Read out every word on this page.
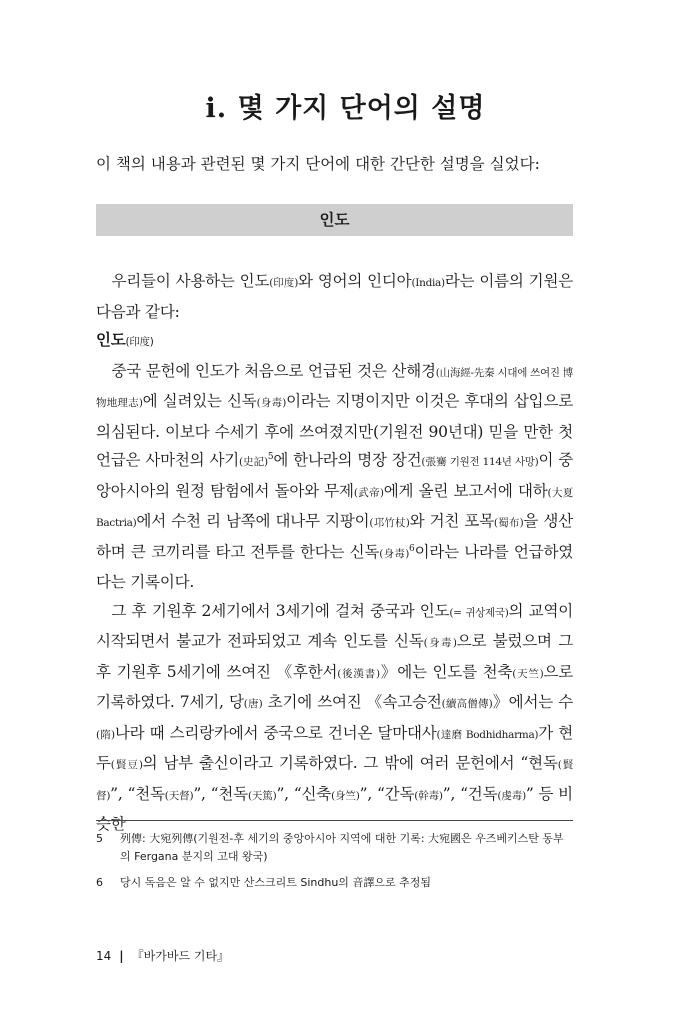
i. 몇 가지 단어의 설명

이 책의 내용과 관련된 몇 가지 단어에 대한 간단한 설명을 실었다:

인도

우리들이 사용하는 인도(印度)와 영어의 인디아(India)라는 이름의 기원은 다음과 같다:

인도(印度)

중국 문헌에 인도가 처음으로 언급된 것은 산해경(山海經-先秦 시대에 쓰여진 博物地理志)에 실려있는 신독(身毒)이라는 지명이지만 이것은 후대의 삽입으로 의심된다. 이보다 수세기 후에 쓰여졌지만(기원전 90년대) 믿을 만한 첫 언급은 사마천의 사기(史記)$^5$에 한나라의 명장 장건(張騫 기원전 114년 사망)이 중앙아시아의 원정 탐험에서 돌아와 무제(武帝)에게 올린 보고서에 대하(大夏 Bactria)에서 수천 리 남쪽에 대나무 지팡이(邛竹杖)와 거친 포목(蜀布)을 생산하며 큰 코끼리를 타고 전투를 한다는 신독(身毒)$^6$이라는 나라를 언급하였다는 기록이다.

그 후 기원후 2세기에서 3세기에 걸쳐 중국과 인도(= 귀상제국)의 교역이 시작되면서 불교가 전파되었고 계속 인도를 신독(身毒)으로 불렀으며 그 후 기원후 5세기에 쓰여진 《후한서(後漢書)》에는 인도를 천축(天竺)으로 기록하였다. 7세기, 당(唐) 초기에 쓰여진 《속고승전(續高僧傳)》에서는 수(隋)나라 때 스리랑카에서 중국으로 건너온 달마대사(達磨 Bodhidharma)가 현두(賢豆)의 남부 출신이라고 기록하였다. 그 밖에 여러 문헌에서 “현독(賢督)”, “천독(天督)”, “천독(天篤)”, “신축(身竺)”, “간독(幹毒)”, “건독(虔毒)” 등 비슷한

5	列傳: 大宛列傳(기원전-후 세기의 중앙아시아 지역에 대한 기록: 大宛國은 우즈베키스탄 동부의 Fergana 분지의 고대 왕국)
6	당시 독음은 알 수 없지만 산스크리트 Sindhu의 音譯으로 추정됨
14 | 『바가바드 기타』
